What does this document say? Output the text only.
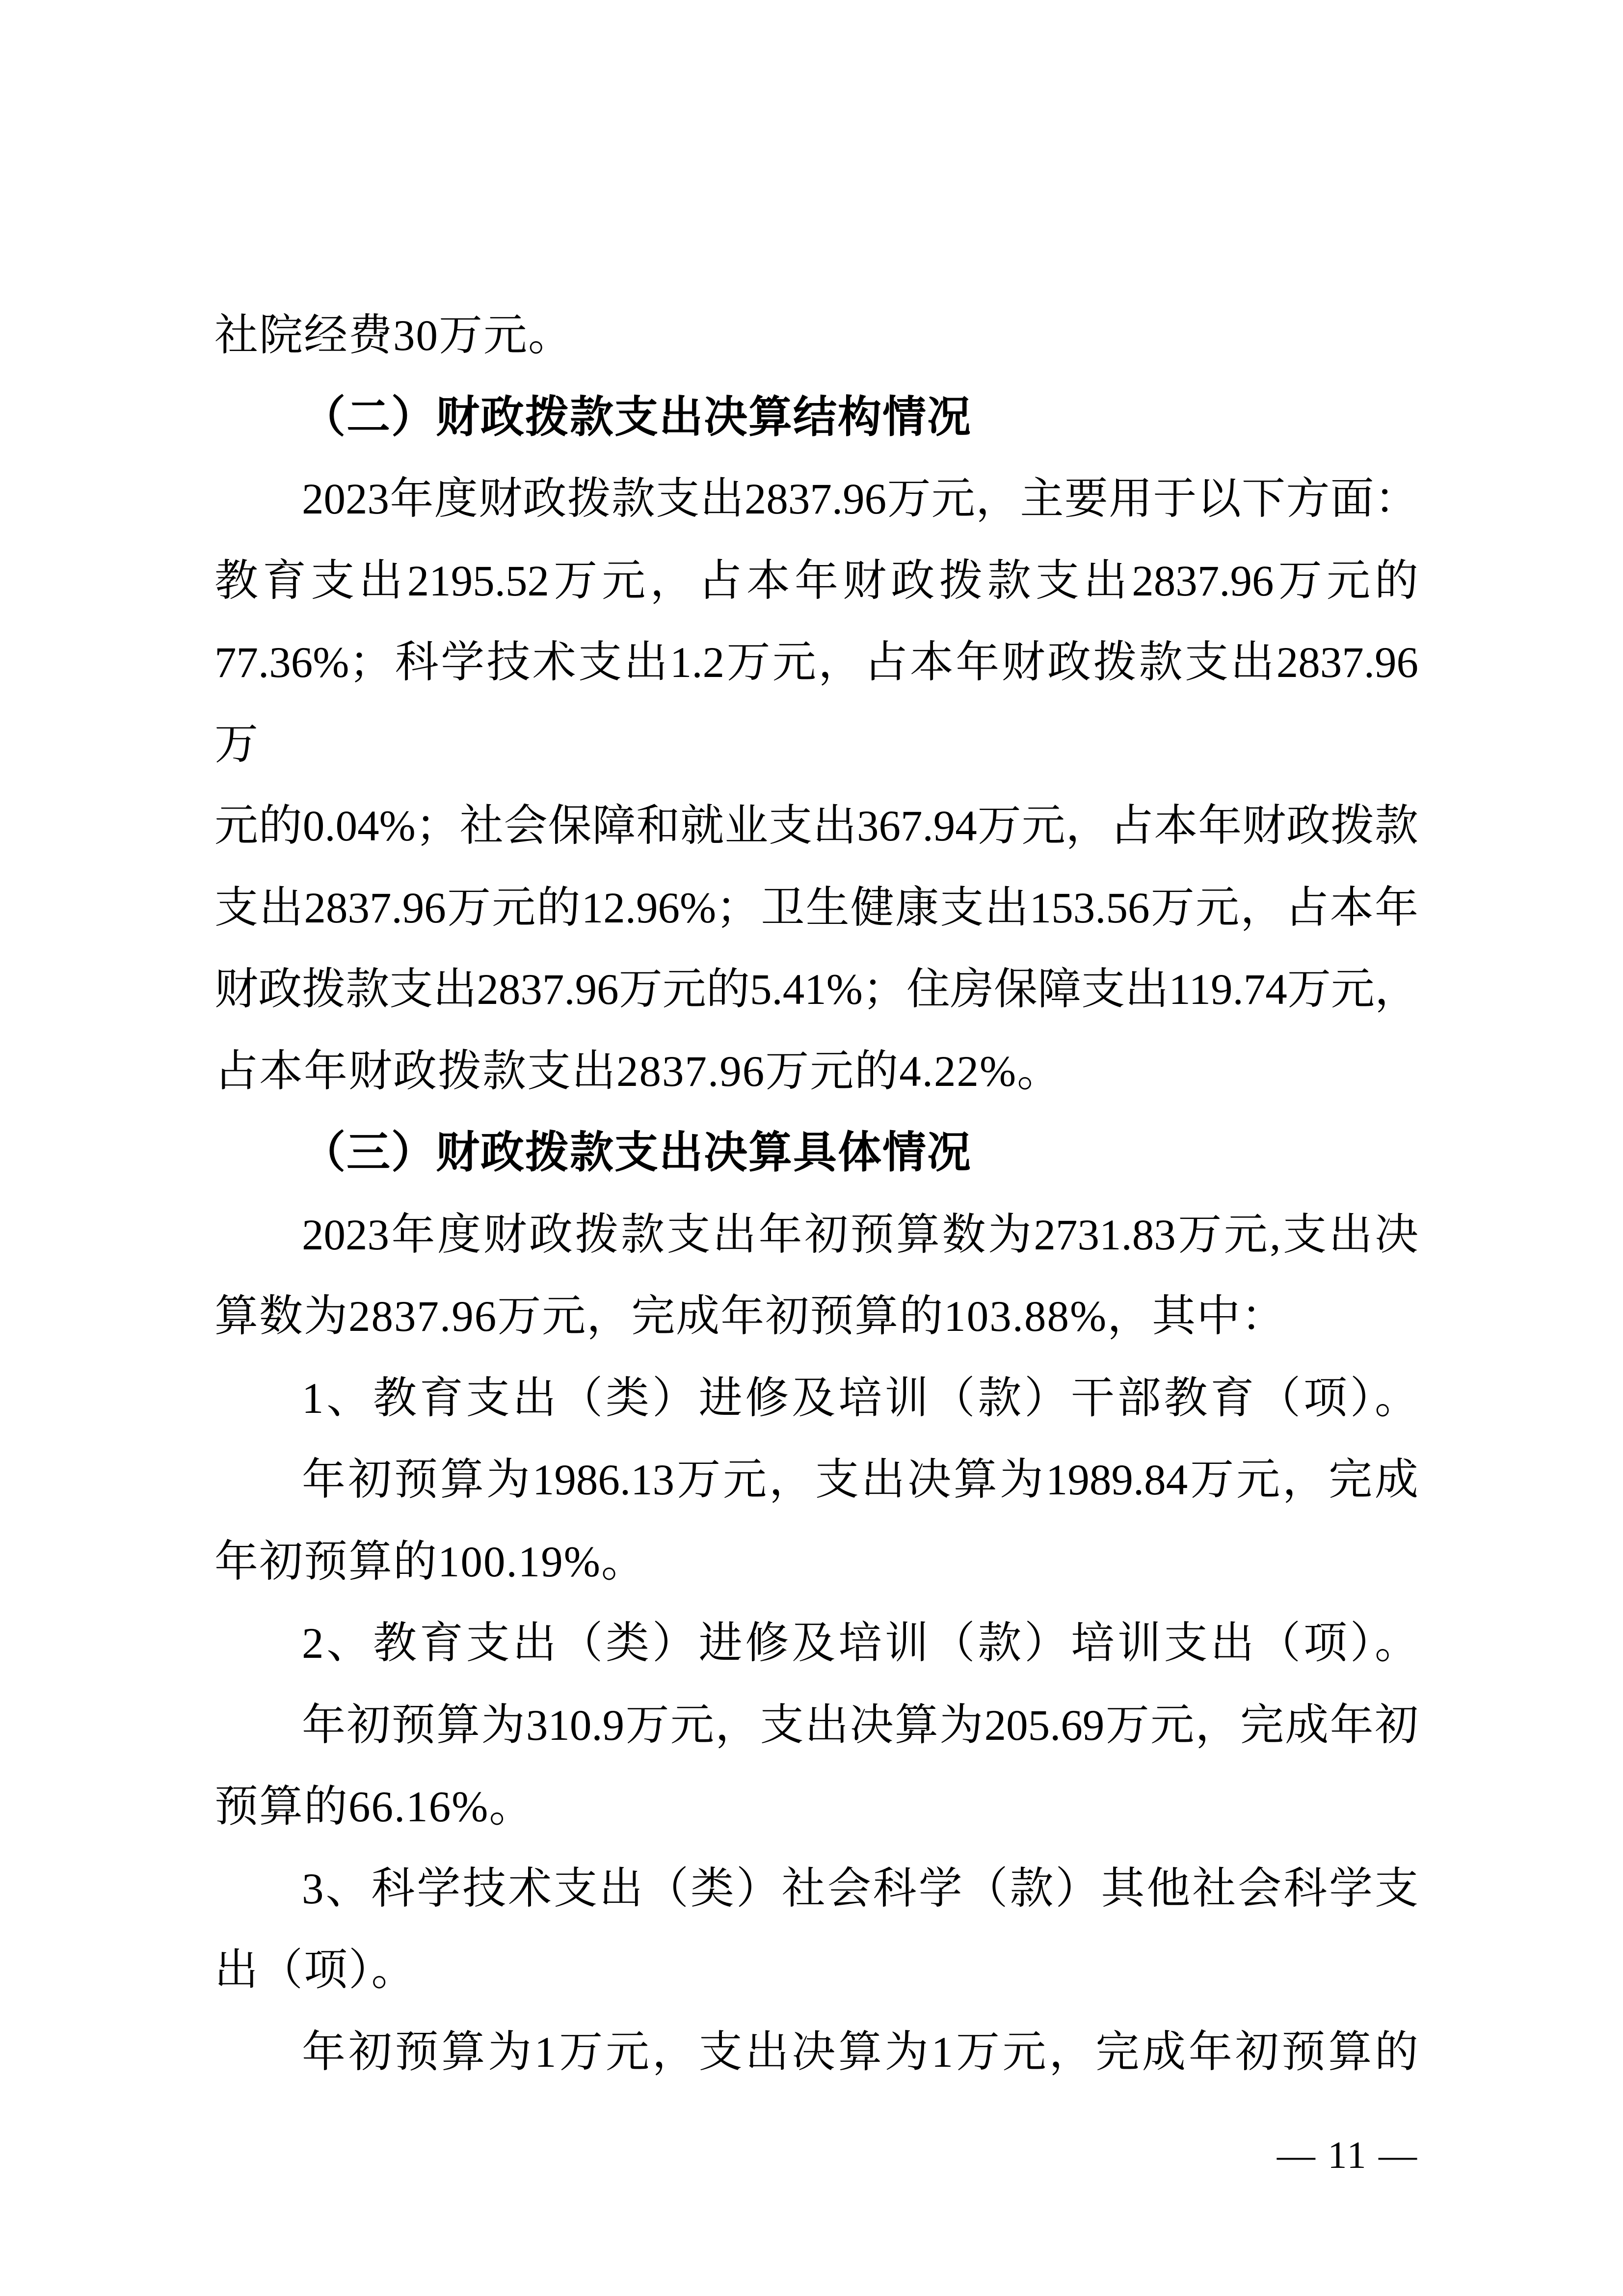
社院经费30万元。

（二）财政拨款支出决算结构情况

2023年度财政拨款支出2837.96万元，主要用于以下方面：

教育支出2195.52万元，占本年财政拨款支出2837.96万元的

77.36%；科学技术支出1.2万元，占本年财政拨款支出2837.96万

元的0.04%；社会保障和就业支出367.94万元，占本年财政拨款

支出2837.96万元的12.96%；卫生健康支出153.56万元，占本年

财政拨款支出2837.96万元的5.41%；住房保障支出119.74万元，

占本年财政拨款支出2837.96万元的4.22%。

（三）财政拨款支出决算具体情况

2023年度财政拨款支出年初预算数为2731.83万元,支出决

算数为2837.96万元，完成年初预算的103.88%，其中：

1、教育支出（类）进修及培训（款）干部教育（项）。

年初预算为1986.13万元，支出决算为1989.84万元，完成

年初预算的100.19%。

2、教育支出（类）进修及培训（款）培训支出（项）。

年初预算为310.9万元，支出决算为205.69万元，完成年初

预算的66.16%。

3、科学技术支出（类）社会科学（款）其他社会科学支

出（项）。

年初预算为1万元，支出决算为1万元，完成年初预算的

— 11 —
